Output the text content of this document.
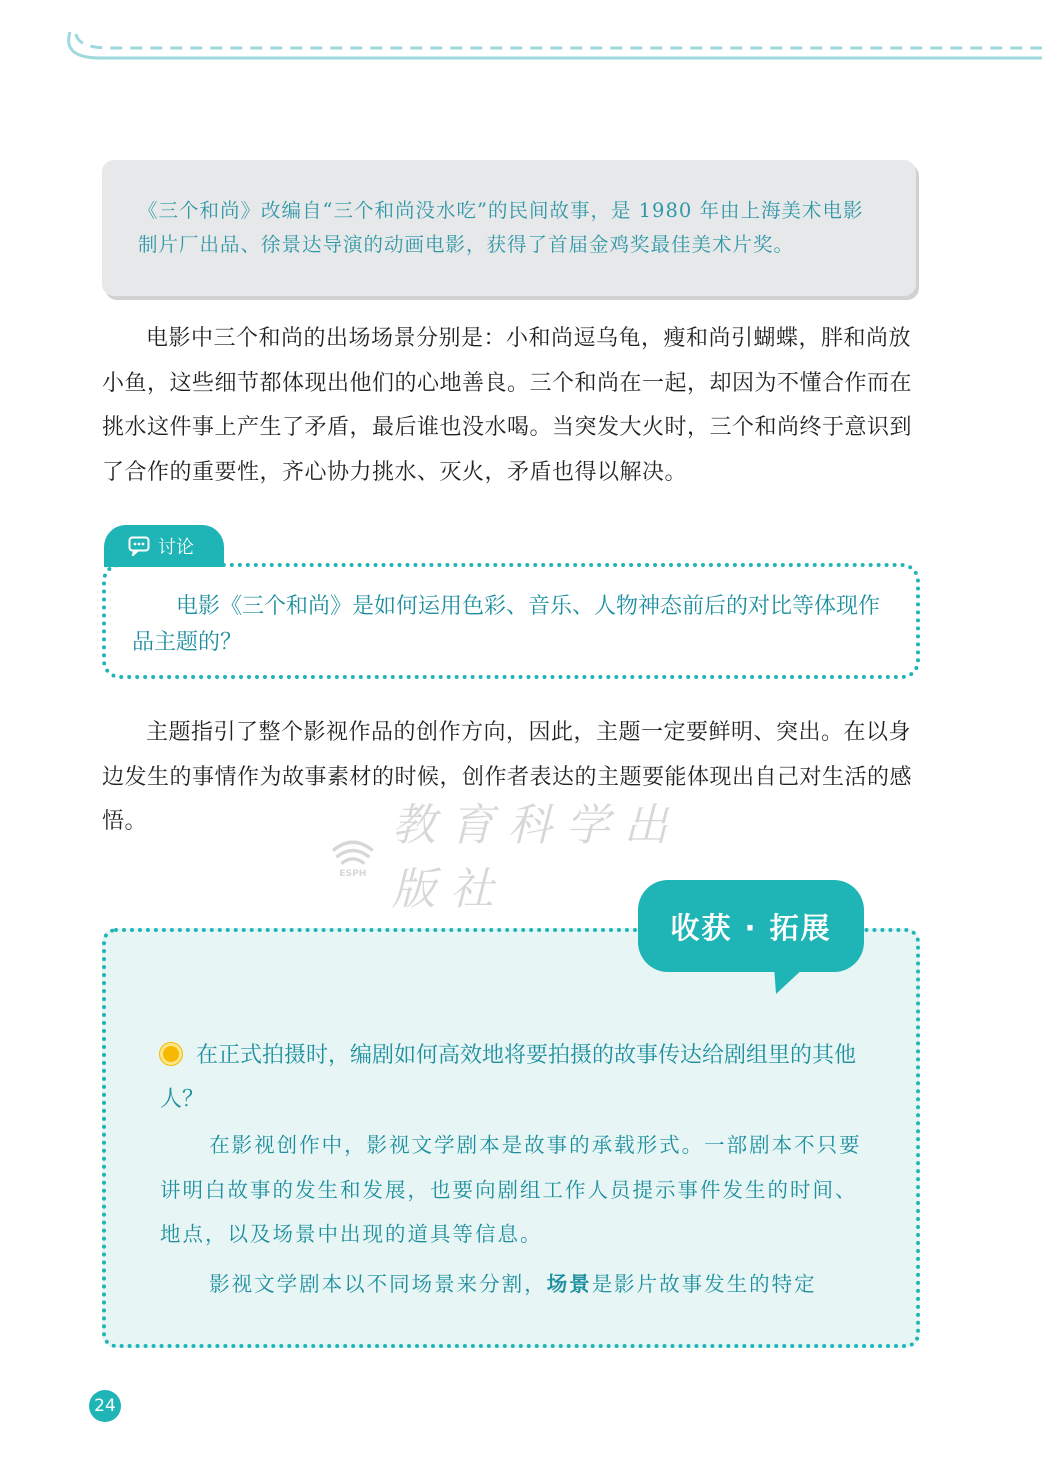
《三个和尚》改编自“三个和尚没水吃”的民间故事，是 1980 年由上海美术电影制片厂出品、徐景达导演的动画电影，获得了首届金鸡奖最佳美术片奖。

电影中三个和尚的出场场景分别是：小和尚逗乌龟，瘦和尚引蝴蝶，胖和尚放小鱼，这些细节都体现出他们的心地善良。三个和尚在一起，却因为不懂合作而在挑水这件事上产生了矛盾，最后谁也没水喝。当突发大火时，三个和尚终于意识到了合作的重要性，齐心协力挑水、灭火，矛盾也得以解决。

讨论

电影《三个和尚》是如何运用色彩、音乐、人物神态前后的对比等体现作品主题的？

主题指引了整个影视作品的创作方向，因此，主题一定要鲜明、突出。在以身边发生的事情作为故事素材的时候，创作者表达的主题要能体现出自己对生活的感悟。

ESPH
教育科学出版社
收获 · 拓展

在正式拍摄时，编剧如何高效地将要拍摄的故事传达给剧组里的其他人？

在影视创作中，影视文学剧本是故事的承载形式。一部剧本不只要讲明白故事的发生和发展，也要向剧组工作人员提示事件发生的时间、地点，以及场景中出现的道具等信息。

影视文学剧本以不同场景来分割，场景是影片故事发生的特定

24
